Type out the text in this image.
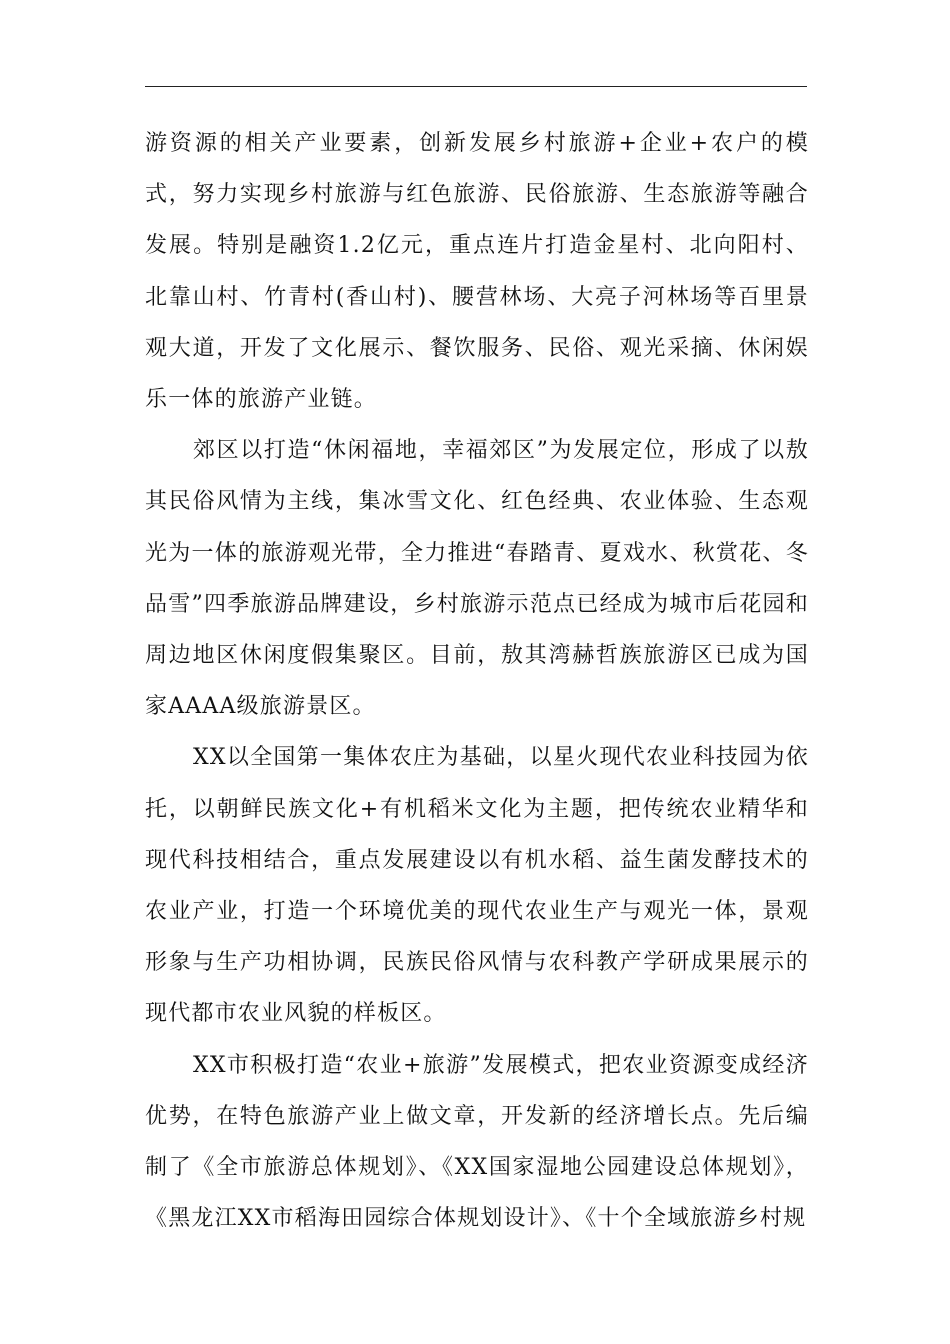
游资源的相关产业要素，创新发展乡村旅游+企业+农户的模式，努力实现乡村旅游与红色旅游、民俗旅游、生态旅游等融合发展。特别是融资1.2亿元，重点连片打造金星村、北向阳村、北靠山村、竹青村(香山村)、腰营林场、大亮子河林场等百里景观大道，开发了文化展示、餐饮服务、民俗、观光采摘、休闲娱乐一体的旅游产业链。

郊区以打造“休闲福地，幸福郊区”为发展定位，形成了以敖其民俗风情为主线，集冰雪文化、红色经典、农业体验、生态观光为一体的旅游观光带，全力推进“春踏青、夏戏水、秋赏花、冬品雪”四季旅游品牌建设，乡村旅游示范点已经成为城市后花园和周边地区休闲度假集聚区。目前，敖其湾赫哲族旅游区已成为国家AAAA级旅游景区。

XX以全国第一集体农庄为基础，以星火现代农业科技园为依托，以朝鲜民族文化+有机稻米文化为主题，把传统农业精华和现代科技相结合，重点发展建设以有机水稻、益生菌发酵技术的农业产业，打造一个环境优美的现代农业生产与观光一体，景观形象与生产功相协调，民族民俗风情与农科教产学研成果展示的现代都市农业风貌的样板区。

XX市积极打造“农业+旅游”发展模式，把农业资源变成经济优势，在特色旅游产业上做文章，开发新的经济增长点。先后编制了《全市旅游总体规划》、《XX国家湿地公园建设总体规划》，《黑龙江XX市稻海田园综合体规划设计》、《十个全域旅游乡村规
